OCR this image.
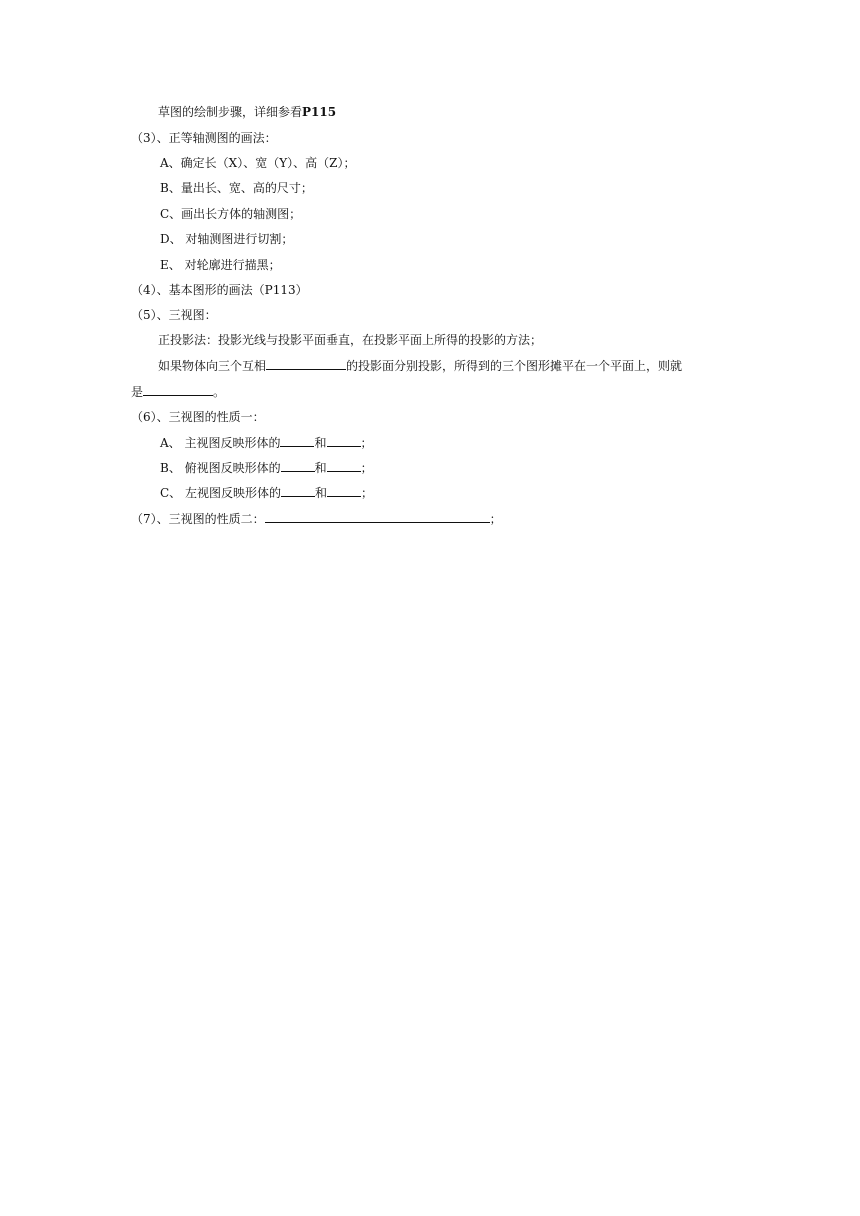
草图的绘制步骤，详细参看P115
（3）、正等轴测图的画法：
A、确定长（X）、宽（Y）、高（Z）；
B、量出长、宽、高的尺寸；
C、画出长方体的轴测图；
D、 对轴测图进行切割；
E、 对轮廓进行描黑；
（4）、基本图形的画法（P113）
（5）、三视图：
正投影法：投影光线与投影平面垂直，在投影平面上所得的投影的方法；
如果物体向三个互相	的投影面分别投影，所得到的三个图形摊平在一个平面上，则就
是	。
（6）、三视图的性质一：
A、 主视图反映形体的	和	；
B、 俯视图反映形体的	和	；
C、 左视图反映形体的	和	；
（7）、三视图的性质二：	；
